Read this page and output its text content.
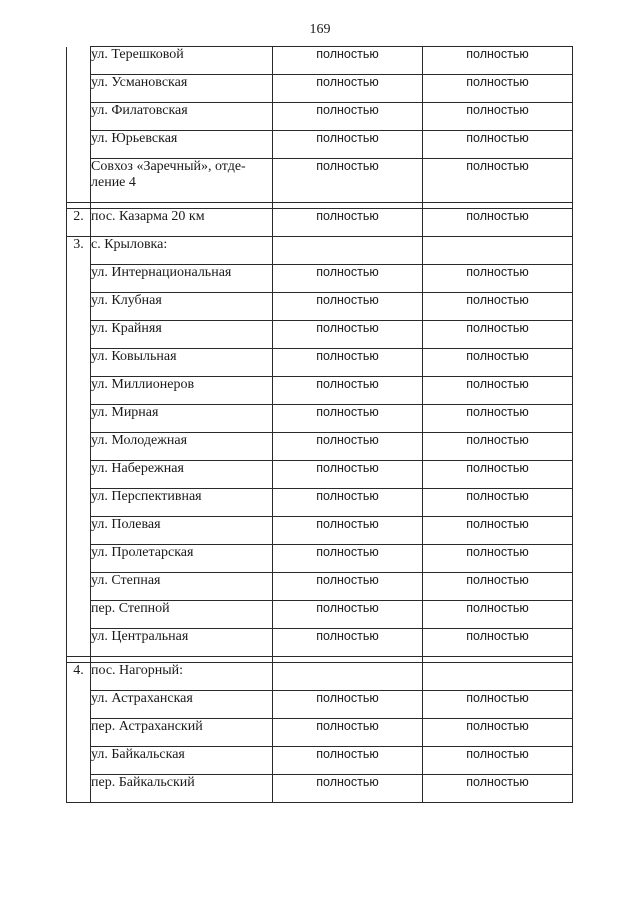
169
	ул. Терешковой	полностью	полностью
	ул. Усмановская	полностью	полностью
	ул. Филатовская	полностью	полностью
	ул. Юрьевская	полностью	полностью
	Совхоз «Заречный», отде-ление 4	полностью	полностью

2.	пос. Казарма 20 км	полностью	полностью
3.	с. Крыловка:		
	ул. Интернациональная	полностью	полностью
	ул. Клубная	полностью	полностью
	ул. Крайняя	полностью	полностью
	ул. Ковыльная	полностью	полностью
	ул. Миллионеров	полностью	полностью
	ул. Мирная	полностью	полностью
	ул. Молодежная	полностью	полностью
	ул. Набережная	полностью	полностью
	ул. Перспективная	полностью	полностью
	ул. Полевая	полностью	полностью
	ул. Пролетарская	полностью	полностью
	ул. Степная	полностью	полностью
	пер. Степной	полностью	полностью
	ул. Центральная	полностью	полностью

4.	пос. Нагорный:		
	ул. Астраханская	полностью	полностью
	пер. Астраханский	полностью	полностью
	ул. Байкальская	полностью	полностью
	пер. Байкальский	полностью	полностью
